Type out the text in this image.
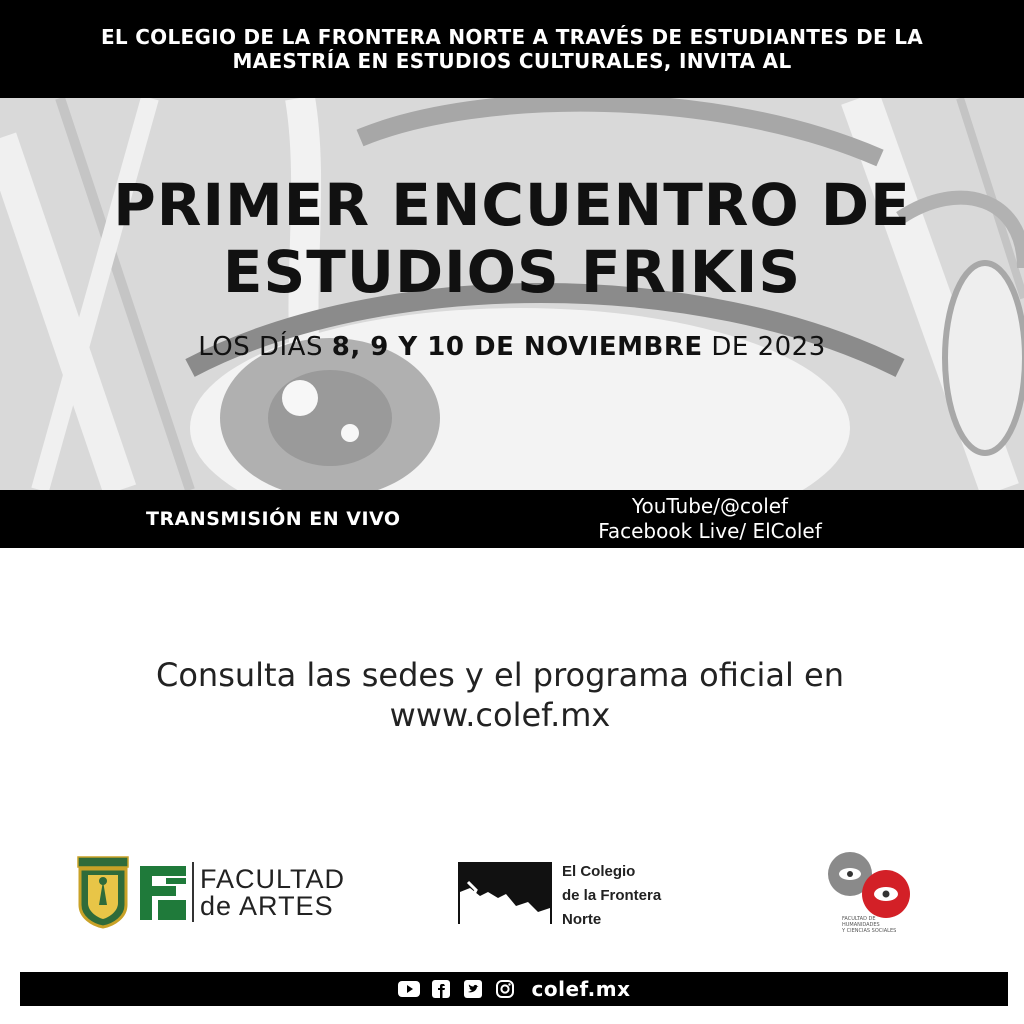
EL COLEGIO DE LA FRONTERA NORTE A TRAVÉS DE ESTUDIANTES DE LA
MAESTRÍA EN ESTUDIOS CULTURALES, INVITA AL
PRIMER ENCUENTRO DE
ESTUDIOS FRIKIS
LOS DÍAS 8, 9 Y 10 DE NOVIEMBRE DE 2023
TRANSMISIÓN EN VIVO
YouTube/@colef
Facebook Live/ ElColef
Consulta las sedes y el programa oficial en
www.colef.mx
FACULTAD
de ARTES
El Colegio
de la Frontera
Norte	FACULTAD DE
HUMANIDADES
Y CIENCIAS SOCIALES
colef.mx
